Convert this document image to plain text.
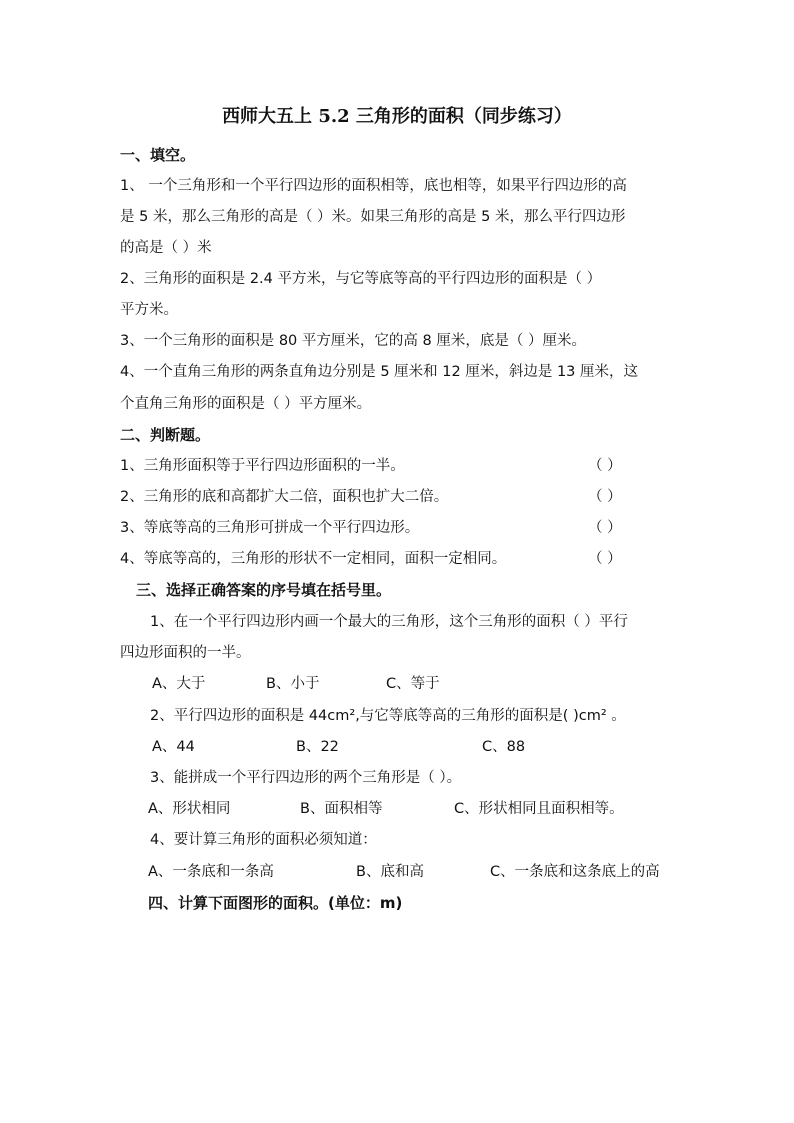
西师大五上 5.2 三角形的面积（同步练习）
一、填空。
1、 一个三角形和一个平行四边形的面积相等，底也相等，如果平行四边形的高
是 5 米，那么三角形的高是（ ）米。如果三角形的高是 5 米，那么平行四边形
的高是（ ）米
2、三角形的面积是 2.4 平方米，与它等底等高的平行四边形的面积是（ ）
平方米。
3、一个三角形的面积是 80 平方厘米，它的高 8 厘米，底是（ ）厘米。
4、一个直角三角形的两条直角边分别是 5 厘米和 12 厘米，斜边是 13 厘米，这
个直角三角形的面积是（ ）平方厘米。
二、判断题。
1、三角形面积等于平行四边形面积的一半。	（ ）
2、三角形的底和高都扩大二倍，面积也扩大二倍。	（ ）
3、等底等高的三角形可拼成一个平行四边形。	（ ）
4、等底等高的，三角形的形状不一定相同，面积一定相同。	（ ）
三、选择正确答案的序号填在括号里。
1、在一个平行四边形内画一个最大的三角形，这个三角形的面积（ ）平行
四边形面积的一半。
A、大于	B、小于	C、等于
2、平行四边形的面积是 44cm²,与它等底等高的三角形的面积是( )cm² 。
A、44	B、22	C、88
3、能拼成一个平行四边形的两个三角形是（ ）。
A、形状相同	B、面积相等	C、形状相同且面积相等。
4、要计算三角形的面积必须知道：
A、一条底和一条高	B、底和高	C、一条底和这条底上的高
四、计算下面图形的面积。(单位：m)
